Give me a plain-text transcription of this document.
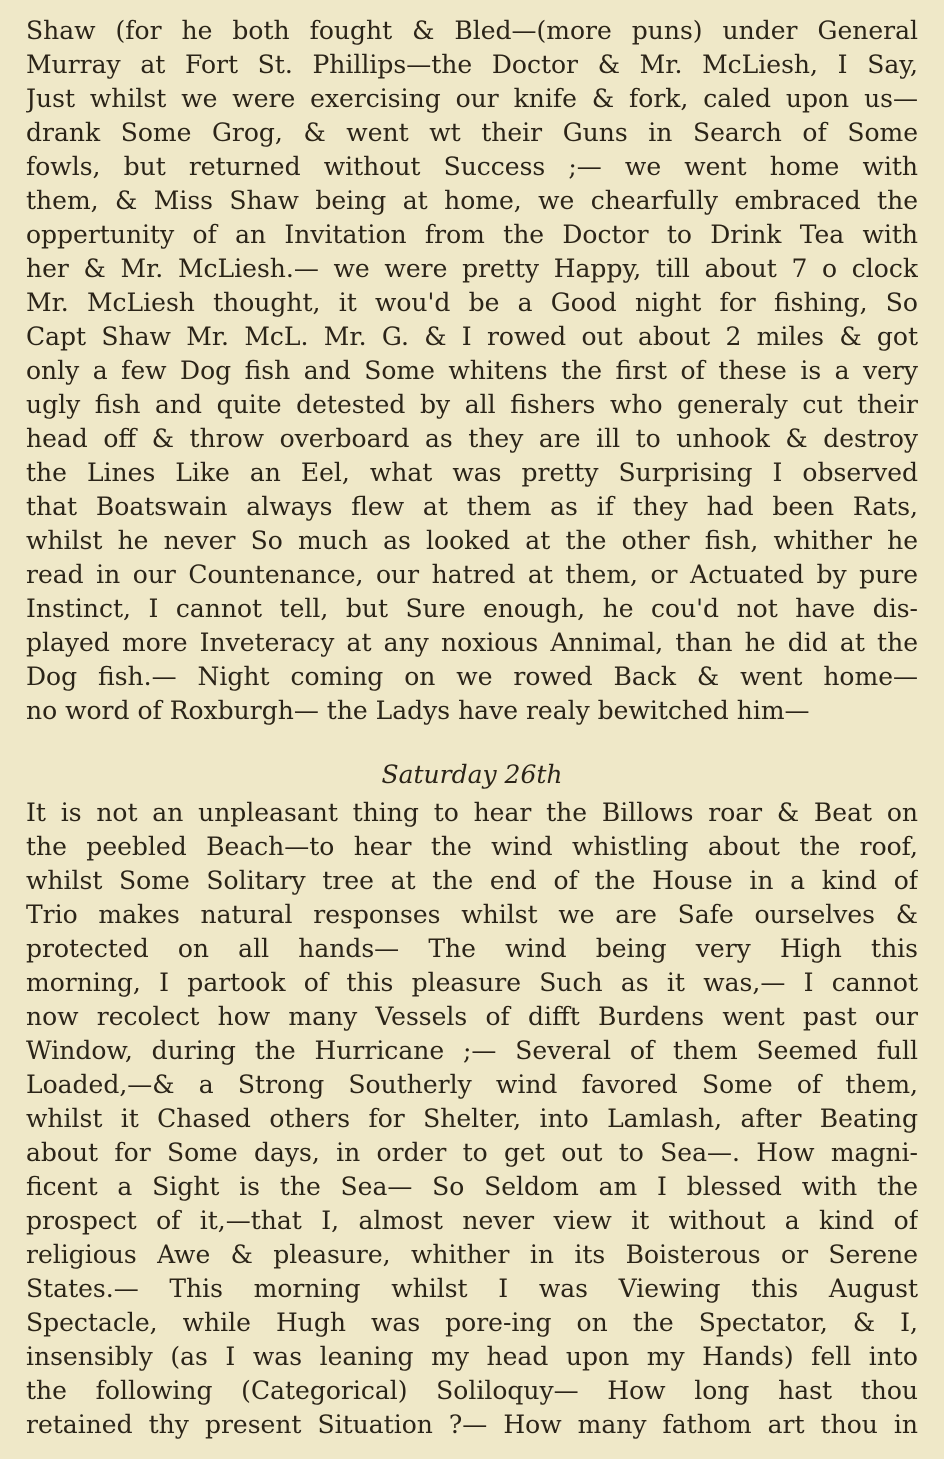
Shaw (for he both fought & Bled—(more puns) under General
Murray at Fort St. Phillips—the Doctor & Mr. McLiesh, I Say,
Just whilst we were exercising our knife & fork, caled upon us—
drank Some Grog, & went wt their Guns in Search of Some
fowls, but returned without Success ;— we went home with
them, & Miss Shaw being at home, we chearfully embraced the
oppertunity of an Invitation from the Doctor to Drink Tea with
her & Mr. McLiesh.— we were pretty Happy, till about 7 o clock
Mr. McLiesh thought, it wou'd be a Good night for fishing, So
Capt Shaw Mr. McL. Mr. G. & I rowed out about 2 miles & got
only a few Dog fish and Some whitens the first of these is a very
ugly fish and quite detested by all fishers who generaly cut their
head off & throw overboard as they are ill to unhook & destroy
the Lines Like an Eel, what was pretty Surprising I observed
that Boatswain always flew at them as if they had been Rats,
whilst he never So much as looked at the other fish, whither he
read in our Countenance, our hatred at them, or Actuated by pure
Instinct, I cannot tell, but Sure enough, he cou'd not have dis-
played more Inveteracy at any noxious Annimal, than he did at the
Dog fish.— Night coming on we rowed Back & went home—
no word of Roxburgh— the Ladys have realy bewitched him—
Saturday 26th
It is not an unpleasant thing to hear the Billows roar & Beat on
the peebled Beach—to hear the wind whistling about the roof,
whilst Some Solitary tree at the end of the House in a kind of
Trio makes natural responses whilst we are Safe ourselves &
protected on all hands— The wind being very High this
morning, I partook of this pleasure Such as it was,— I cannot
now recolect how many Vessels of difft Burdens went past our
Window, during the Hurricane ;— Several of them Seemed full
Loaded,—& a Strong Southerly wind favored Some of them,
whilst it Chased others for Shelter, into Lamlash, after Beating
about for Some days, in order to get out to Sea—. How magni-
ficent a Sight is the Sea— So Seldom am I blessed with the
prospect of it,—that I, almost never view it without a kind of
religious Awe & pleasure, whither in its Boisterous or Serene
States.— This morning whilst I was Viewing this August
Spectacle, while Hugh was pore-ing on the Spectator, & I,
insensibly (as I was leaning my head upon my Hands) fell into
the following (Categorical) Soliloquy— How long hast thou
retained thy present Situation ?— How many fathom art thou in
